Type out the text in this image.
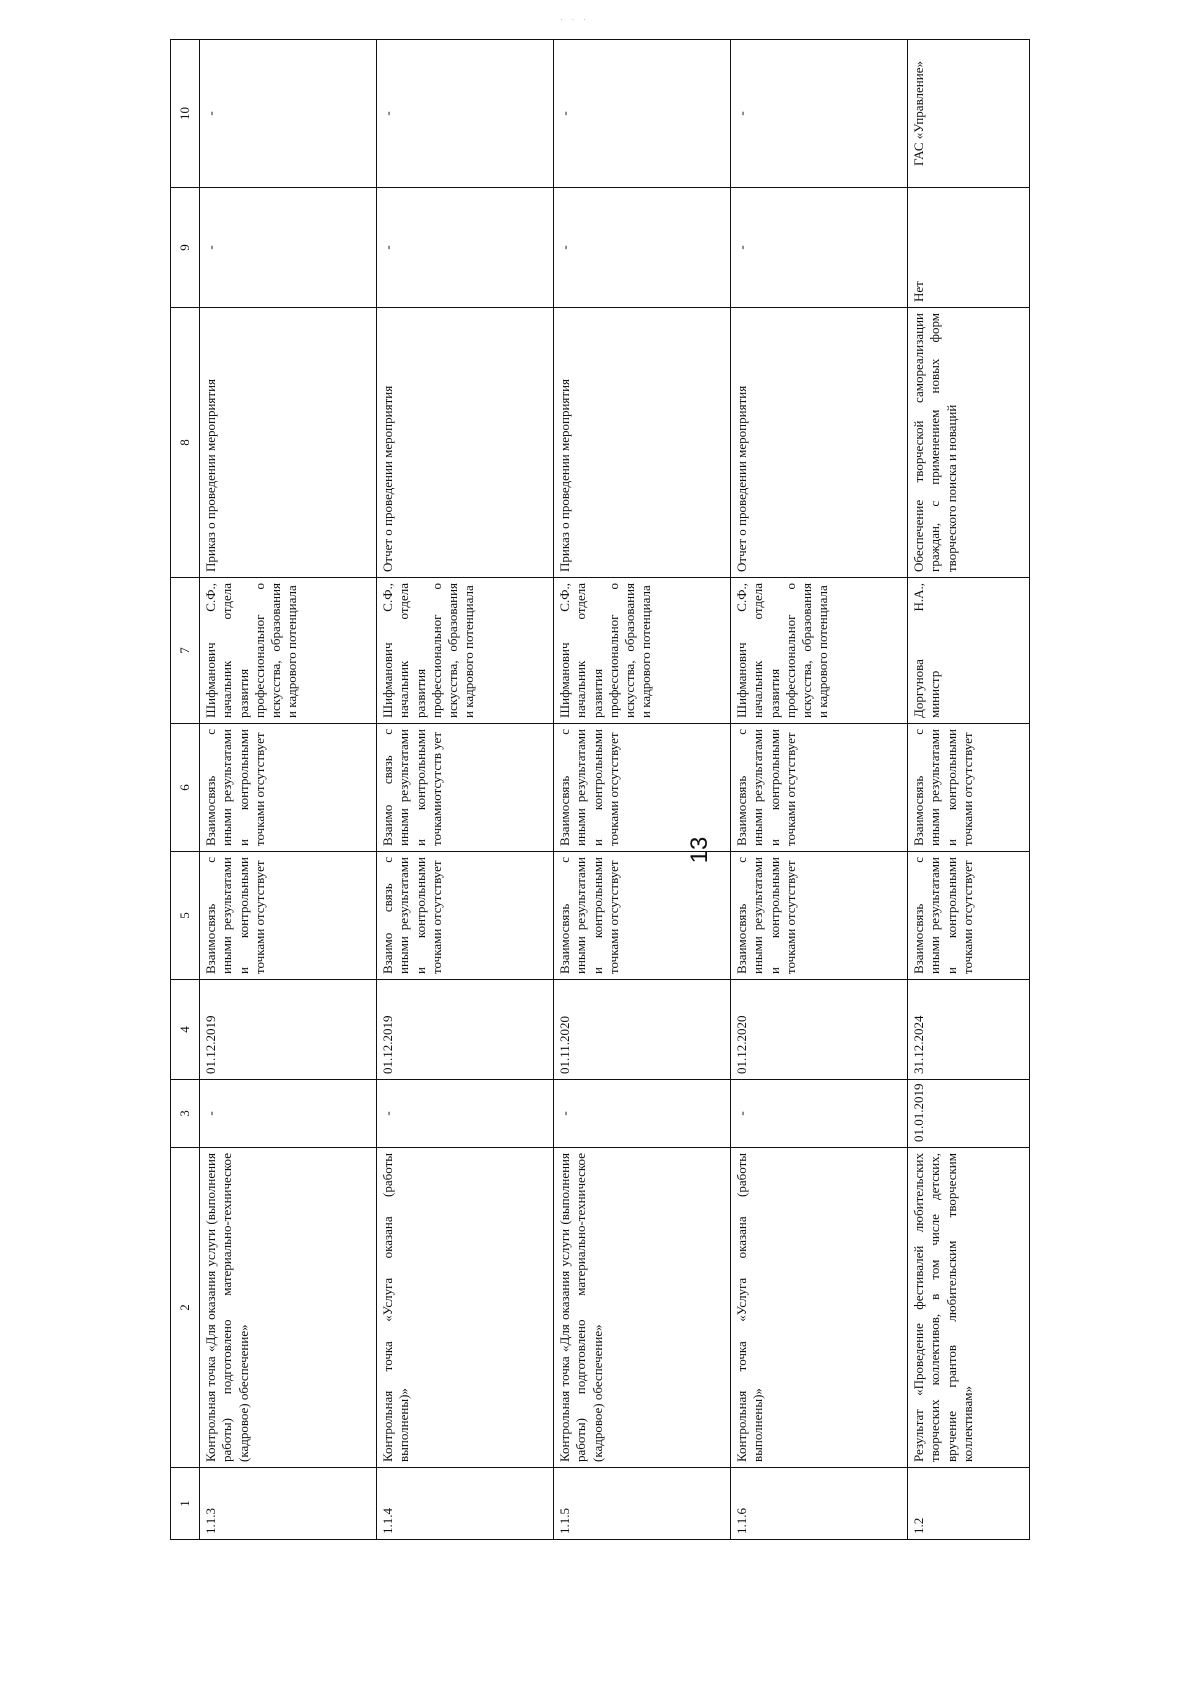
· · ·
13
1	2	3	4	5	6	7	8	9	10
1.1.3	Контрольная точка «Для оказания услуги (выполнения работы) подготовлено материально-техническое (кадровое) обеспечение»	-	01.12.2019	Взаимосвязь с иными результатами и контрольными точками отсутствует	Взаимосвязь с иными результатами и контрольными точками отсутствует	Шифманович С.Ф., начальник отдела развития профессиональног о искусства, образования и кадрового потенциала	Приказ о проведении мероприятия	-	-
1.1.4	Контрольная точка «Услуга оказана (работы выполнены)»	-	01.12.2019	Взаимо связь с иными результатами и контрольными точками отсутствует	Взаимо связь с иными результатами и контрольными точкамиотсутств ует	Шифманович С.Ф., начальник отдела развития профессиональног о искусства, образования и кадрового потенциала	Отчет о проведении мероприятия	-	-
1.1.5	Контрольная точка «Для оказания услуги (выполнения работы) подготовлено материально-техническое (кадровое) обеспечение»	-	01.11.2020	Взаимосвязь с иными результатами и контрольными точками отсутствует	Взаимосвязь с иными результатами и контрольными точками отсутствует	Шифманович С.Ф., начальник отдела развития профессиональног о искусства, образования и кадрового потенциала	Приказ о проведении мероприятия	-	-
1.1.6	Контрольная точка «Услуга оказана (работы выполнены)»	-	01.12.2020	Взаимосвязь с иными результатами и контрольными точками отсутствует	Взаимосвязь с иными результатами и контрольными точками отсутствует	Шифманович С.Ф., начальник отдела развития профессиональног о искусства, образования и кадрового потенциала	Отчет о проведении мероприятия	-	-
1.2	Результат «Проведение фестивалей любительских творческих коллективов, в том числе детских, вручение грантов любительским творческим коллективам»	01.01.2019	31.12.2024	Взаимосвязь с иными результатами и контрольными точками отсутствует	Взаимосвязь с иными результатами и контрольными точками отсутствует	Доргунова Н.А., министр	Обеспечение творческой самореализации граждан, с применением новых форм творческого поиска и новаций	Нет	ГАС «Управление»
